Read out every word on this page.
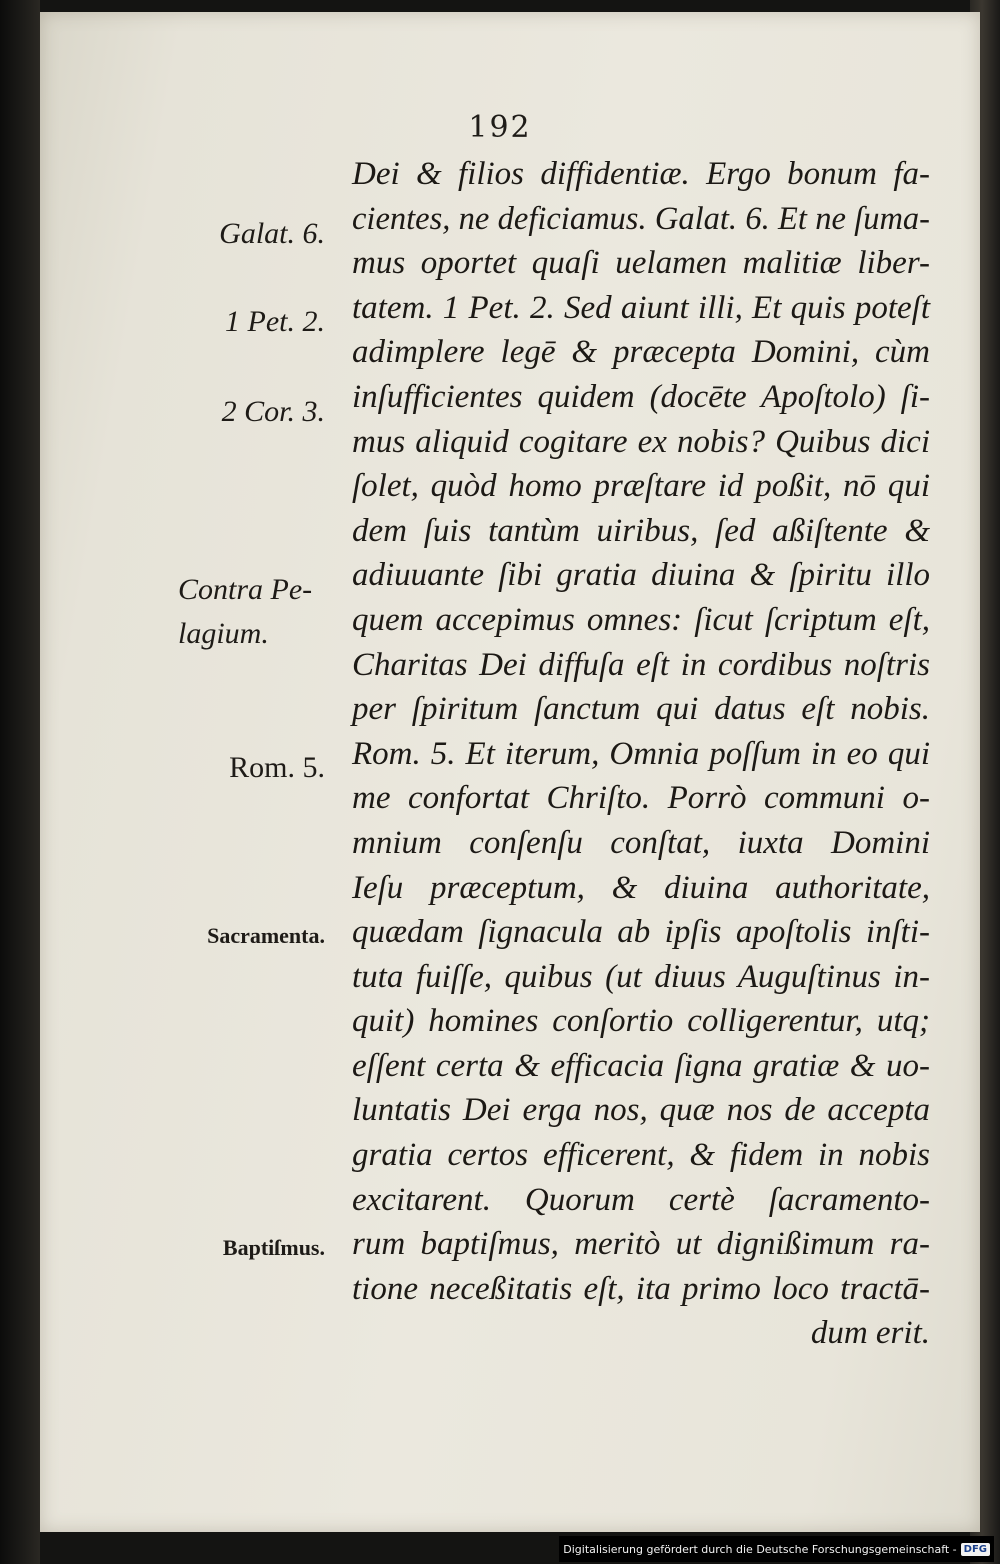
192
Dei & filios diffidentiæ. Ergo bonum fa-
cientes, ne deficiamus. Galat. 6. Et ne ſuma-
mus oportet quaſi uelamen malitiæ liber-
tatem. 1 Pet. 2. Sed aiunt illi, Et quis poteſt
adimplere legē & præcepta Domini, cùm
inſufficientes quidem (docēte Apoſtolo) ſi-
mus aliquid cogitare ex nobis? Quibus dici
ſolet, quòd homo præſtare id poßit, nō qui
dem ſuis tantùm uiribus, ſed aßiſtente &
adiuuante ſibi gratia diuina & ſpiritu illo
quem accepimus omnes: ſicut ſcriptum eſt,
Charitas Dei diffuſa eſt in cordibus noſtris
per ſpiritum ſanctum qui datus eſt nobis.
Rom. 5. Et iterum, Omnia poſſum in eo qui
me confortat Chriſto. Porrò communi o-
mnium conſenſu conſtat, iuxta Domini
Ieſu præceptum, & diuina authoritate,
quædam ſignacula ab ipſis apoſtolis inſti-
tuta fuiſſe, quibus (ut diuus Auguſtinus in-
quit) homines conſortio colligerentur, utq;
eſſent certa & efficacia ſigna gratiæ & uo-
luntatis Dei erga nos, quæ nos de accepta
gratia certos efficerent, & fidem in nobis
excitarent. Quorum certè ſacramento-
rum baptiſmus, meritò ut dignißimum ra-
tione neceßitatis eſt, ita primo loco tractā-
dum erit.
Galat. 6.
1 Pet. 2.
2 Cor. 3.
Contra Pe-
lagium.
Rom. 5.
Sacramenta.
Baptiſmus.
Digitalisierung gefördert durch die Deutsche Forschungsgemeinschaft - DFG
